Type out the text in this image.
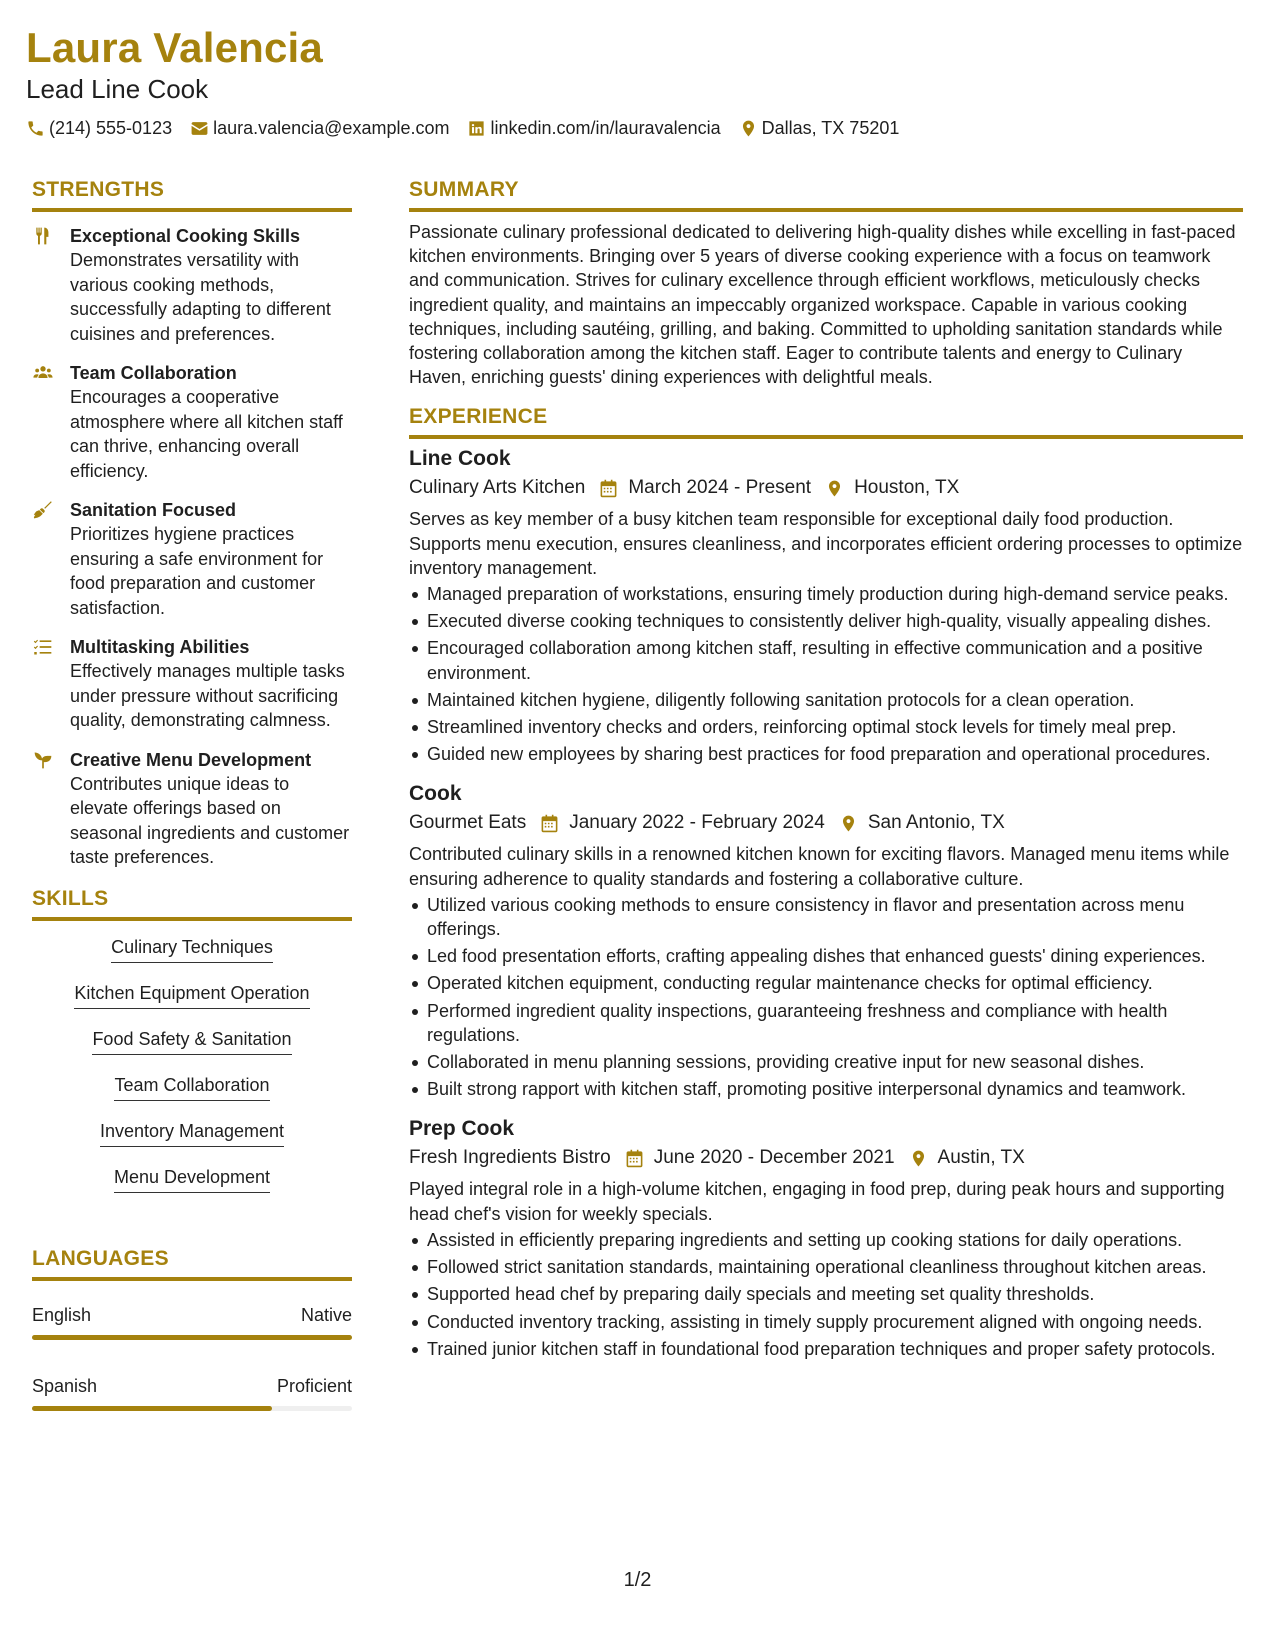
Laura Valencia
Lead Line Cook
(214) 555-0123 laura.valencia@example.com linkedin.com/in/lauravalencia Dallas, TX 75201
STRENGTHS
Exceptional Cooking Skills
Demonstrates versatility with various cooking methods, successfully adapting to different cuisines and preferences.
Team Collaboration
Encourages a cooperative atmosphere where all kitchen staff can thrive, enhancing overall efficiency.
Sanitation Focused
Prioritizes hygiene practices ensuring a safe environment for food preparation and customer satisfaction.
Multitasking Abilities
Effectively manages multiple tasks under pressure without sacrificing quality, demonstrating calmness.
Creative Menu Development
Contributes unique ideas to elevate offerings based on seasonal ingredients and customer taste preferences.
SKILLS
Culinary Techniques
Kitchen Equipment Operation
Food Safety & Sanitation
Team Collaboration
Inventory Management
Menu Development
LANGUAGES
English	Native
Spanish	Proficient
SUMMARY
Passionate culinary professional dedicated to delivering high-quality dishes while excelling in fast-paced kitchen environments. Bringing over 5 years of diverse cooking experience with a focus on teamwork and communication. Strives for culinary excellence through efficient workflows, meticulously checks ingredient quality, and maintains an impeccably organized workspace. Capable in various cooking techniques, including sautéing, grilling, and baking. Committed to upholding sanitation standards while fostering collaboration among the kitchen staff. Eager to contribute talents and energy to Culinary Haven, enriching guests' dining experiences with delightful meals.
EXPERIENCE
Line Cook
Culinary Arts Kitchen March 2024 - Present Houston, TX
Serves as key member of a busy kitchen team responsible for exceptional daily food production. Supports menu execution, ensures cleanliness, and incorporates efficient ordering processes to optimize inventory management.
Managed preparation of workstations, ensuring timely production during high-demand service peaks.
Executed diverse cooking techniques to consistently deliver high-quality, visually appealing dishes.
Encouraged collaboration among kitchen staff, resulting in effective communication and a positive environment.
Maintained kitchen hygiene, diligently following sanitation protocols for a clean operation.
Streamlined inventory checks and orders, reinforcing optimal stock levels for timely meal prep.
Guided new employees by sharing best practices for food preparation and operational procedures.
Cook
Gourmet Eats January 2022 - February 2024 San Antonio, TX
Contributed culinary skills in a renowned kitchen known for exciting flavors. Managed menu items while ensuring adherence to quality standards and fostering a collaborative culture.
Utilized various cooking methods to ensure consistency in flavor and presentation across menu offerings.
Led food presentation efforts, crafting appealing dishes that enhanced guests' dining experiences.
Operated kitchen equipment, conducting regular maintenance checks for optimal efficiency.
Performed ingredient quality inspections, guaranteeing freshness and compliance with health regulations.
Collaborated in menu planning sessions, providing creative input for new seasonal dishes.
Built strong rapport with kitchen staff, promoting positive interpersonal dynamics and teamwork.
Prep Cook
Fresh Ingredients Bistro June 2020 - December 2021 Austin, TX
Played integral role in a high-volume kitchen, engaging in food prep, during peak hours and supporting head chef's vision for weekly specials.
Assisted in efficiently preparing ingredients and setting up cooking stations for daily operations.
Followed strict sanitation standards, maintaining operational cleanliness throughout kitchen areas.
Supported head chef by preparing daily specials and meeting set quality thresholds.
Conducted inventory tracking, assisting in timely supply procurement aligned with ongoing needs.
Trained junior kitchen staff in foundational food preparation techniques and proper safety protocols.
1/2
